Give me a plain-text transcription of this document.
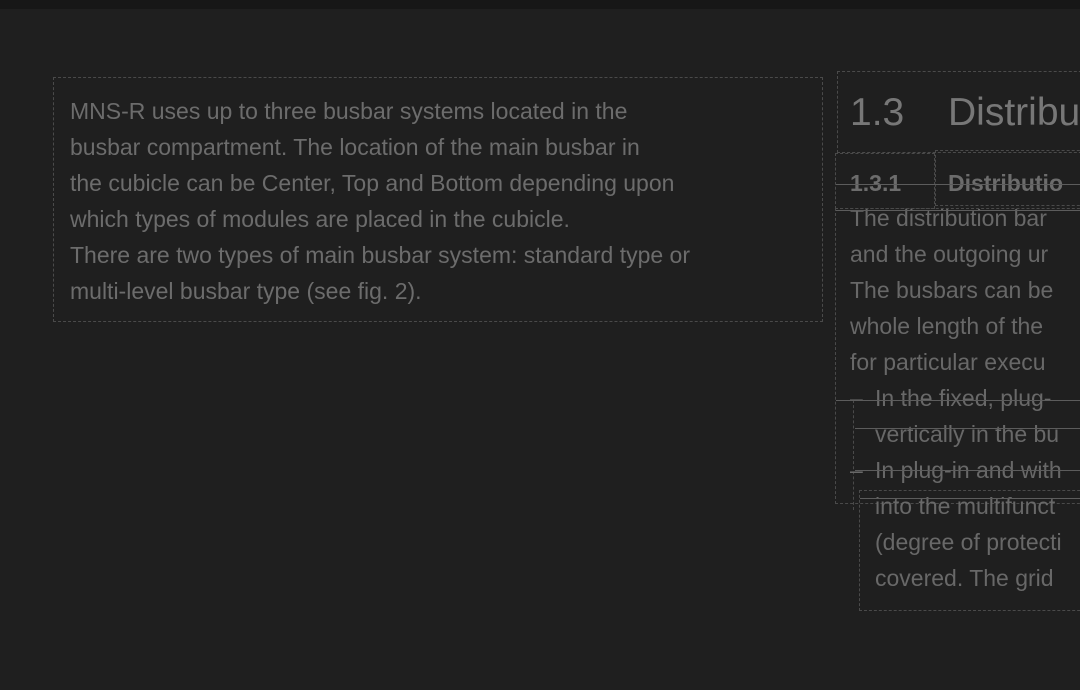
MNS-R uses up to three busbar systems located in the
busbar compartment. The location of the main busbar in
the cubicle can be Center, Top and Bottom depending upon
which types of modules are placed in the cubicle.
There are two types of main busbar system: standard type or
multi-level busbar type (see fig. 2).
1.3 Distribu
1.3.1 Distributio
The distribution bar
and the outgoing ur
The busbars can be
whole length of the
for particular execu
– In the fixed, plug-
vertically in the bu
– In plug-in and with
into the multifunct
(degree of protecti
covered. The grid
